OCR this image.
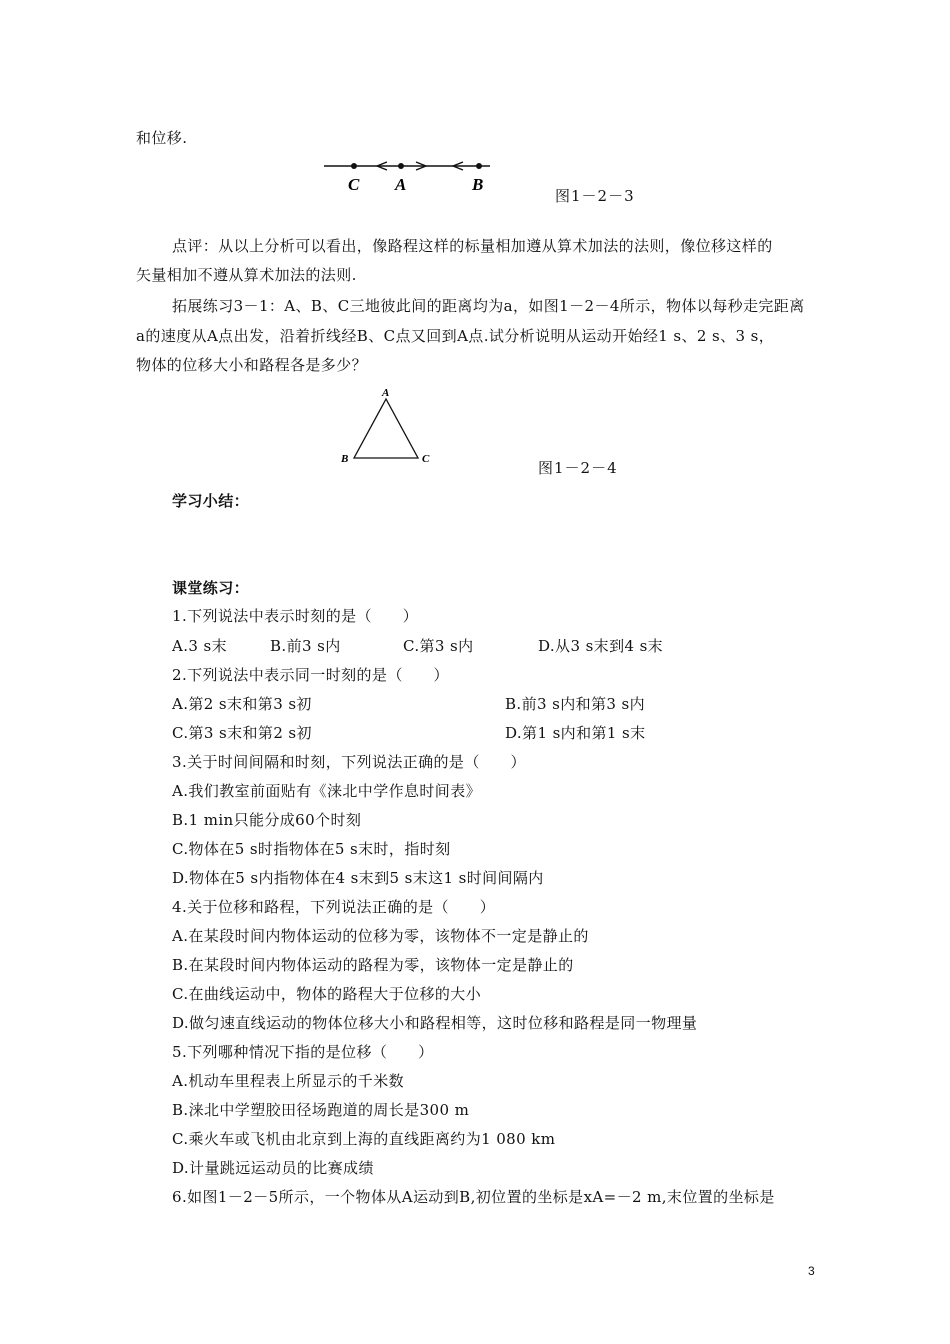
和位移.
C A	B
图1－2－3
点评：从以上分析可以看出，像路程这样的标量相加遵从算术加法的法则，像位移这样的
矢量相加不遵从算术加法的法则.
拓展练习3－1：A、B、C三地彼此间的距离均为a，如图1－2－4所示，物体以每秒走完距离
a的速度从A点出发，沿着折线经B、C点又回到A点.试分析说明从运动开始经1 s、2 s、3 s，
物体的位移大小和路程各是多少？
A
B	C	图1－2－4
学习小结：
课堂练习：
1.下列说法中表示时刻的是（　　）
A.3 s末	B.前3 s内	C.第3 s内	D.从3 s末到4 s末
2.下列说法中表示同一时刻的是（　　）
A.第2 s末和第3 s初	B.前3 s内和第3 s内
C.第3 s末和第2 s初	D.第1 s内和第1 s末
3.关于时间间隔和时刻，下列说法正确的是（　　）
A.我们教室前面贴有《涞北中学作息时间表》
B.1 min只能分成60个时刻
C.物体在5 s时指物体在5 s末时，指时刻
D.物体在5 s内指物体在4 s末到5 s末这1 s时间间隔内
4.关于位移和路程，下列说法正确的是（　　）
A.在某段时间内物体运动的位移为零，该物体不一定是静止的
B.在某段时间内物体运动的路程为零，该物体一定是静止的
C.在曲线运动中，物体的路程大于位移的大小
D.做匀速直线运动的物体位移大小和路程相等，这时位移和路程是同一物理量
5.下列哪种情况下指的是位移（　　）
A.机动车里程表上所显示的千米数
B.涞北中学塑胶田径场跑道的周长是300 m
C.乘火车或飞机由北京到上海的直线距离约为1 080 km
D.计量跳远运动员的比赛成绩
6.如图1－2－5所示，一个物体从A运动到B,初位置的坐标是xA=－2 m,末位置的坐标是
3
